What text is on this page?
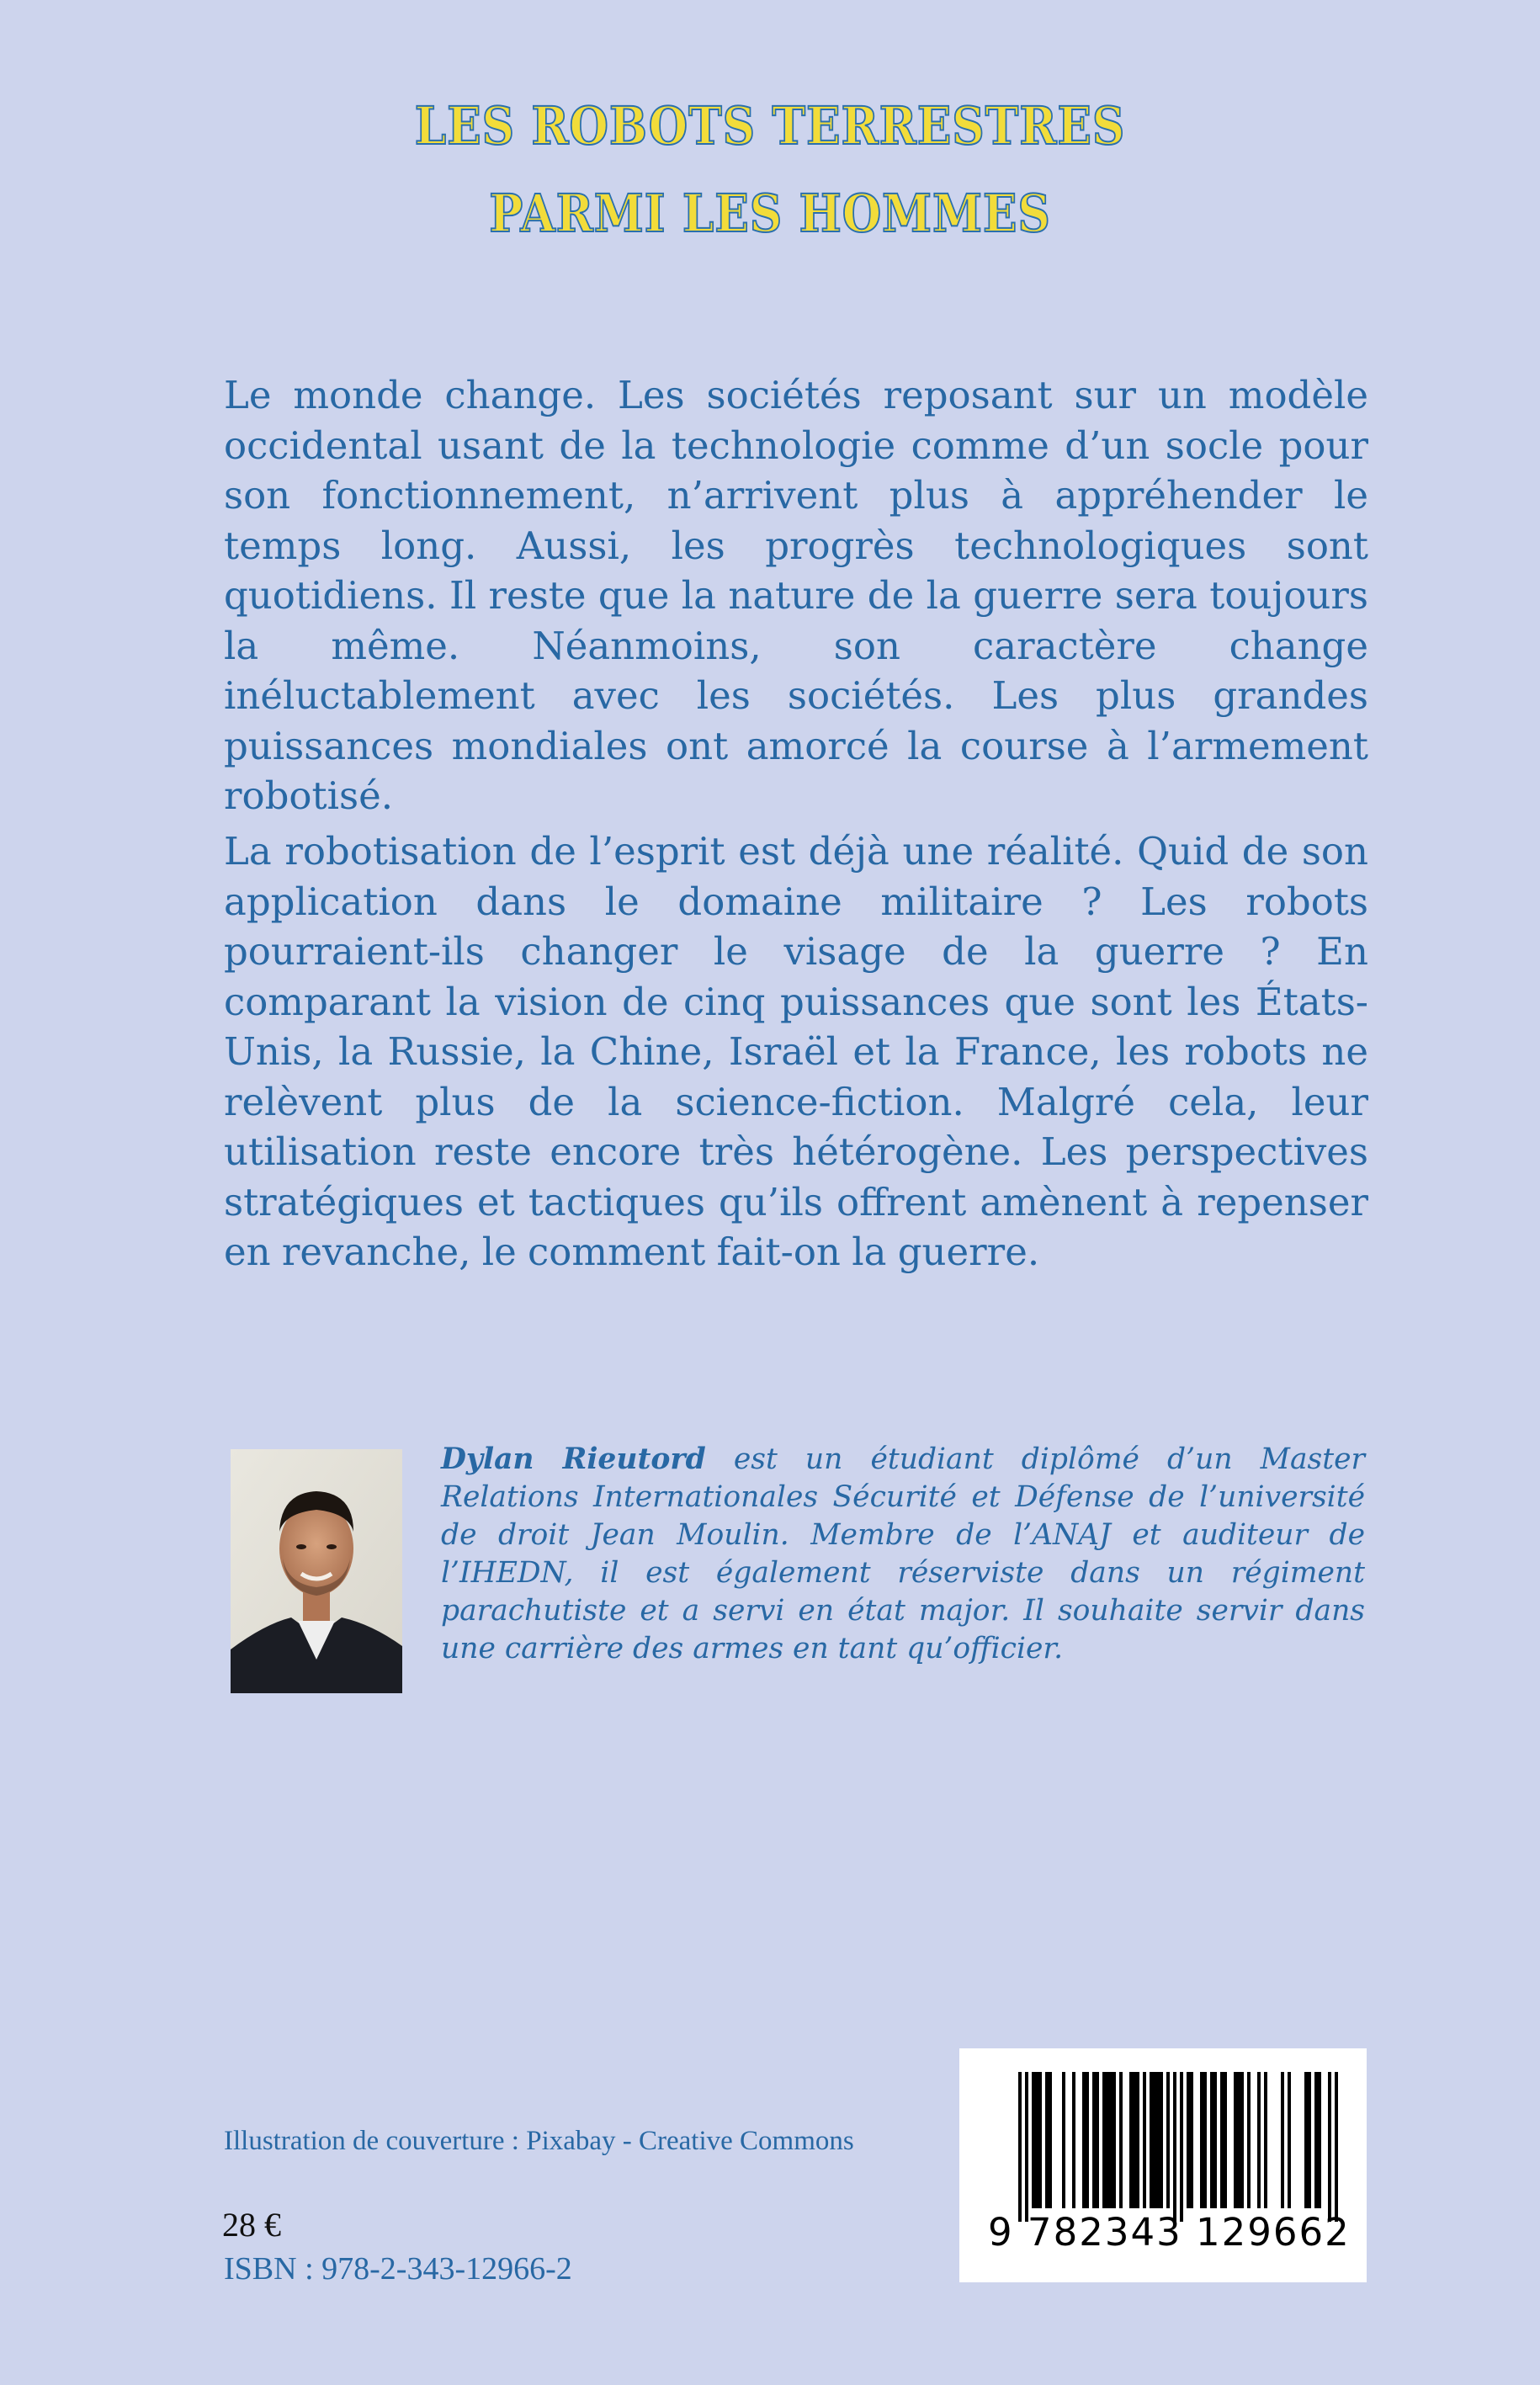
LES ROBOTS TERRESTRES
PARMI LES HOMMES

Le monde change. Les sociétés reposant sur un modèle occidental usant de la technologie comme d’un socle pour son fonctionnement, n’arrivent plus à appréhender le temps long. Aussi, les progrès technologiques sont quotidiens. Il reste que la nature de la guerre sera toujours la même. Néanmoins, son caractère change inéluctablement avec les sociétés. Les plus grandes puissances mondiales ont amorcé la course à l’armement robotisé.

La robotisation de l’esprit est déjà une réalité. Quid de son application dans le domaine militaire ? Les robots pourraient-ils changer le visage de la guerre ? En comparant la vision de cinq puissances que sont les États-Unis, la Russie, la Chine, Israël et la France, les robots ne relèvent plus de la science-fiction. Malgré cela, leur utilisation reste encore très hétérogène. Les perspectives stratégiques et tactiques qu’ils offrent amènent à repenser en revanche, le comment fait-on la guerre.

Dylan Rieutord est un étudiant diplômé d’un Master Relations Internationales Sécurité et Défense de l’université de droit Jean Moulin. Membre de l’ANAJ et auditeur de l’IHEDN, il est également réserviste dans un régiment parachutiste et a servi en état major. Il souhaite servir dans une carrière des armes en tant qu’officier.

Illustration de couverture : Pixabay - Creative Commons
28 €
ISBN : 978-2-343-12966-2
9 782343 129662
